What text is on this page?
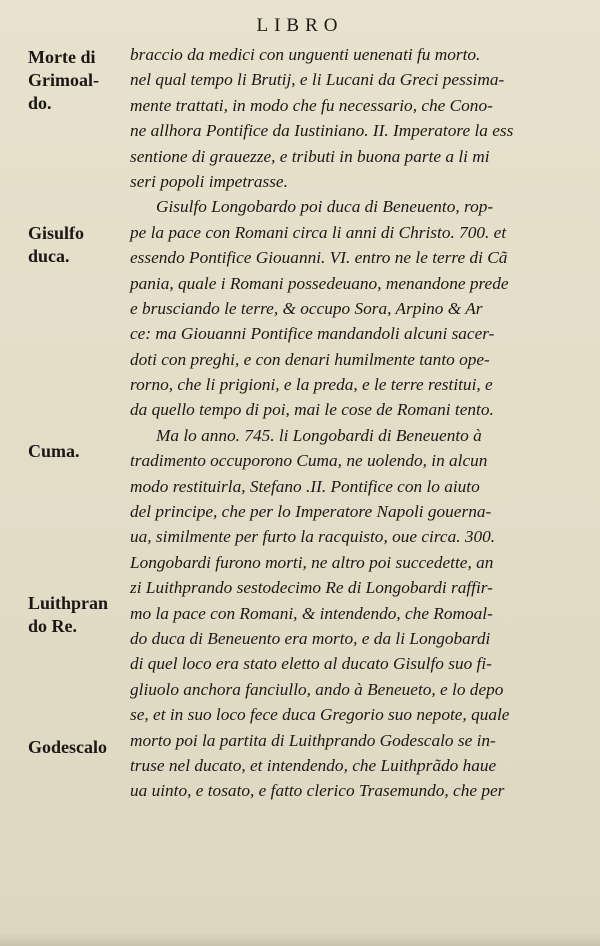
LIBRO
Morte di
Grimoal-
do.
Gisulfo
duca.
Cuma.
Luithpran
do Re.
Godescalo
braccio da medici con unguenti uenenati fu morto.
nel qual tempo li Brutij, e li Lucani da Greci pessima-
mente trattati, in modo che fu necessario, che Cono-
ne allhora Pontifice da Iustiniano. II. Imperatore la ess
sentione di grauezze, e tributi in buona parte a li mi
seri popoli impetrasse.
Gisulfo Longobardo poi duca di Beneuento, rop-
pe la pace con Romani circa li anni di Christo. 700. et
essendo Pontifice Giouanni. VI. entro ne le terre di Cã
pania, quale i Romani possedeuano, menandone prede
e brusciando le terre, & occupo Sora, Arpino & Ar
ce: ma Giouanni Pontifice mandandoli alcuni sacer-
doti con preghi, e con denari humilmente tanto ope-
rorno, che li prigioni, e la preda, e le terre restitui, e
da quello tempo di poi, mai le cose de Romani tento.
Ma lo anno. 745. li Longobardi di Beneuento à
tradimento occuporono Cuma, ne uolendo, in alcun
modo restituirla, Stefano .II. Pontifice con lo aiuto
del principe, che per lo Imperatore Napoli gouerna-
ua, similmente per furto la racquisto, oue circa. 300.
Longobardi furono morti, ne altro poi succedette, an
zi Luithprando sestodecimo Re di Longobardi raffir-
mo la pace con Romani, & intendendo, che Romoal-
do duca di Beneuento era morto, e da li Longobardi
di quel loco era stato eletto al ducato Gisulfo suo fi-
gliuolo anchora fanciullo, ando à Beneueto, e lo depo
se, et in suo loco fece duca Gregorio suo nepote, quale
morto poi la partita di Luithprando Godescalo se in-
truse nel ducato, et intendendo, che Luithprãdo haue
ua uinto, e tosato, e fatto clerico Trasemundo, che per
